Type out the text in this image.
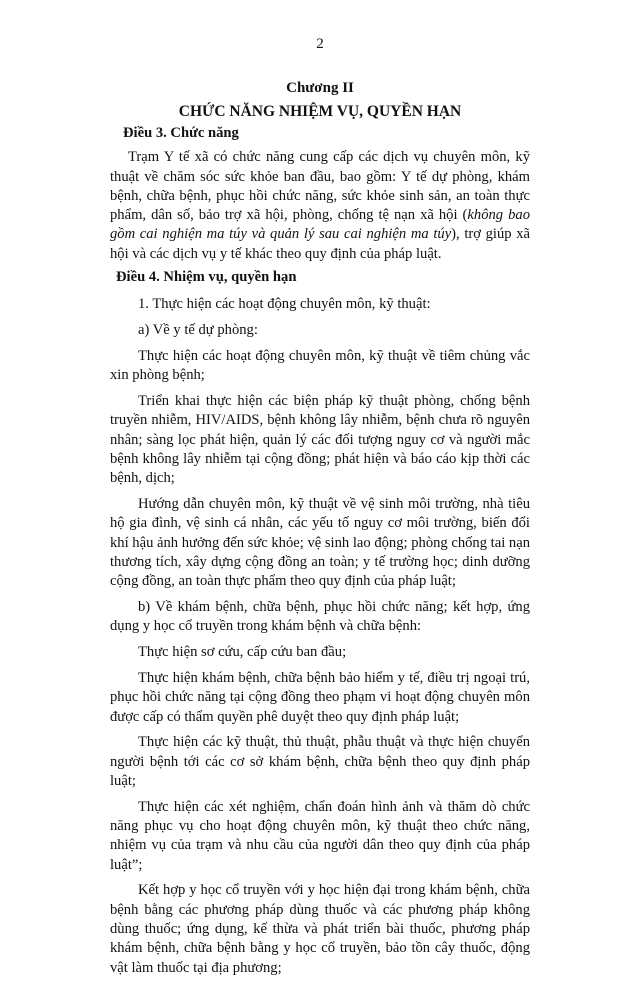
2
Chương II
CHỨC NĂNG NHIỆM VỤ, QUYỀN HẠN

Điều 3. Chức năng

Trạm Y tế xã có chức năng cung cấp các dịch vụ chuyên môn, kỹ thuật về chăm sóc sức khỏe ban đầu, bao gồm: Y tế dự phòng, khám bệnh, chữa bệnh, phục hồi chức năng, sức khỏe sinh sản, an toàn thực phẩm, dân số, bảo trợ xã hội, phòng, chống tệ nạn xã hội (không bao gồm cai nghiện ma túy và quản lý sau cai nghiện ma túy), trợ giúp xã hội và các dịch vụ y tế khác theo quy định của pháp luật.

Điều 4. Nhiệm vụ, quyền hạn

1. Thực hiện các hoạt động chuyên môn, kỹ thuật:

a) Về y tế dự phòng:

Thực hiện các hoạt động chuyên môn, kỹ thuật về tiêm chủng vắc xin phòng bệnh;

Triển khai thực hiện các biện pháp kỹ thuật phòng, chống bệnh truyền nhiễm, HIV/AIDS, bệnh không lây nhiễm, bệnh chưa rõ nguyên nhân; sàng lọc phát hiện, quản lý các đối tượng nguy cơ và người mắc bệnh không lây nhiễm tại cộng đồng; phát hiện và báo cáo kịp thời các bệnh, dịch;

Hướng dẫn chuyên môn, kỹ thuật về vệ sinh môi trường, nhà tiêu hộ gia đình, vệ sinh cá nhân, các yếu tố nguy cơ môi trường, biến đổi khí hậu ảnh hưởng đến sức khỏe; vệ sinh lao động; phòng chống tai nạn thương tích, xây dựng cộng đồng an toàn; y tế trường học; dinh dưỡng cộng đồng, an toàn thực phẩm theo quy định của pháp luật;

b) Về khám bệnh, chữa bệnh, phục hồi chức năng; kết hợp, ứng dụng y học cổ truyền trong khám bệnh và chữa bệnh:

Thực hiện sơ cứu, cấp cứu ban đầu;

Thực hiện khám bệnh, chữa bệnh bảo hiểm y tế, điều trị ngoại trú, phục hồi chức năng tại cộng đồng theo phạm vi hoạt động chuyên môn được cấp có thẩm quyền phê duyệt theo quy định pháp luật;

Thực hiện các kỹ thuật, thủ thuật, phẫu thuật và thực hiện chuyển người bệnh tới các cơ sở khám bệnh, chữa bệnh theo quy định pháp luật;

Thực hiện các xét nghiệm, chẩn đoán hình ảnh và thăm dò chức năng phục vụ cho hoạt động chuyên môn, kỹ thuật theo chức năng, nhiệm vụ của trạm và nhu cầu của người dân theo quy định của pháp luật”;

Kết hợp y học cổ truyền với y học hiện đại trong khám bệnh, chữa bệnh bằng các phương pháp dùng thuốc và các phương pháp không dùng thuốc; ứng dụng, kế thừa và phát triển bài thuốc, phương pháp khám bệnh, chữa bệnh bằng y học cổ truyền, bảo tồn cây thuốc, động vật làm thuốc tại địa phương;
